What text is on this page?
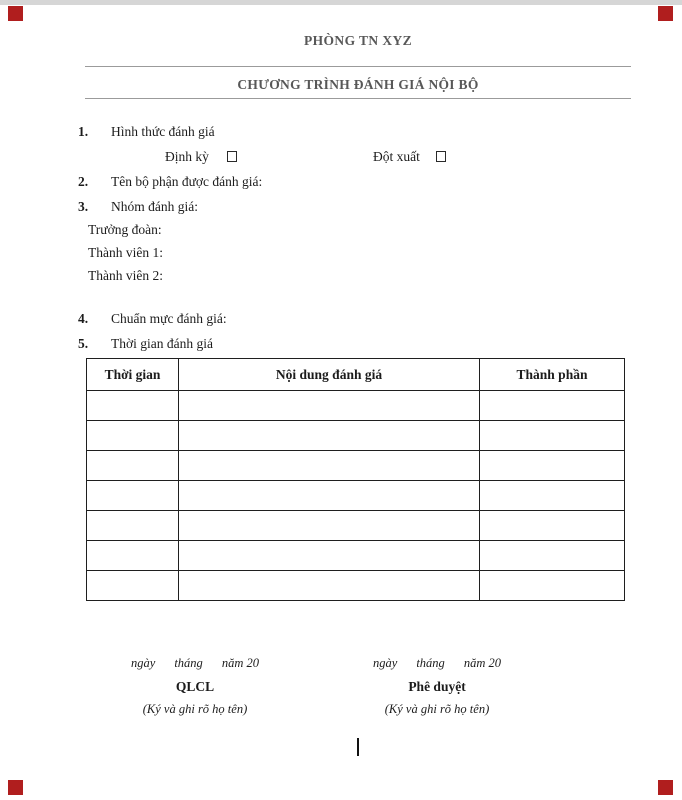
PHÒNG TN XYZ
CHƯƠNG TRÌNH ĐÁNH GIÁ NỘI BỘ
1. Hình thức đánh giá
Định kỳ	Đột xuất
2. Tên bộ phận được đánh giá:
3. Nhóm đánh giá:
Trưởng đoàn:
Thành viên 1:
Thành viên 2:
4. Chuẩn mực đánh giá:
5. Thời gian đánh giá
Thời gian	Nội dung đánh giá	Thành phần

ngày tháng năm 20
QLCL
(Ký và ghi rõ họ tên)
ngày tháng năm 20
Phê duyệt
(Ký và ghi rõ họ tên)
